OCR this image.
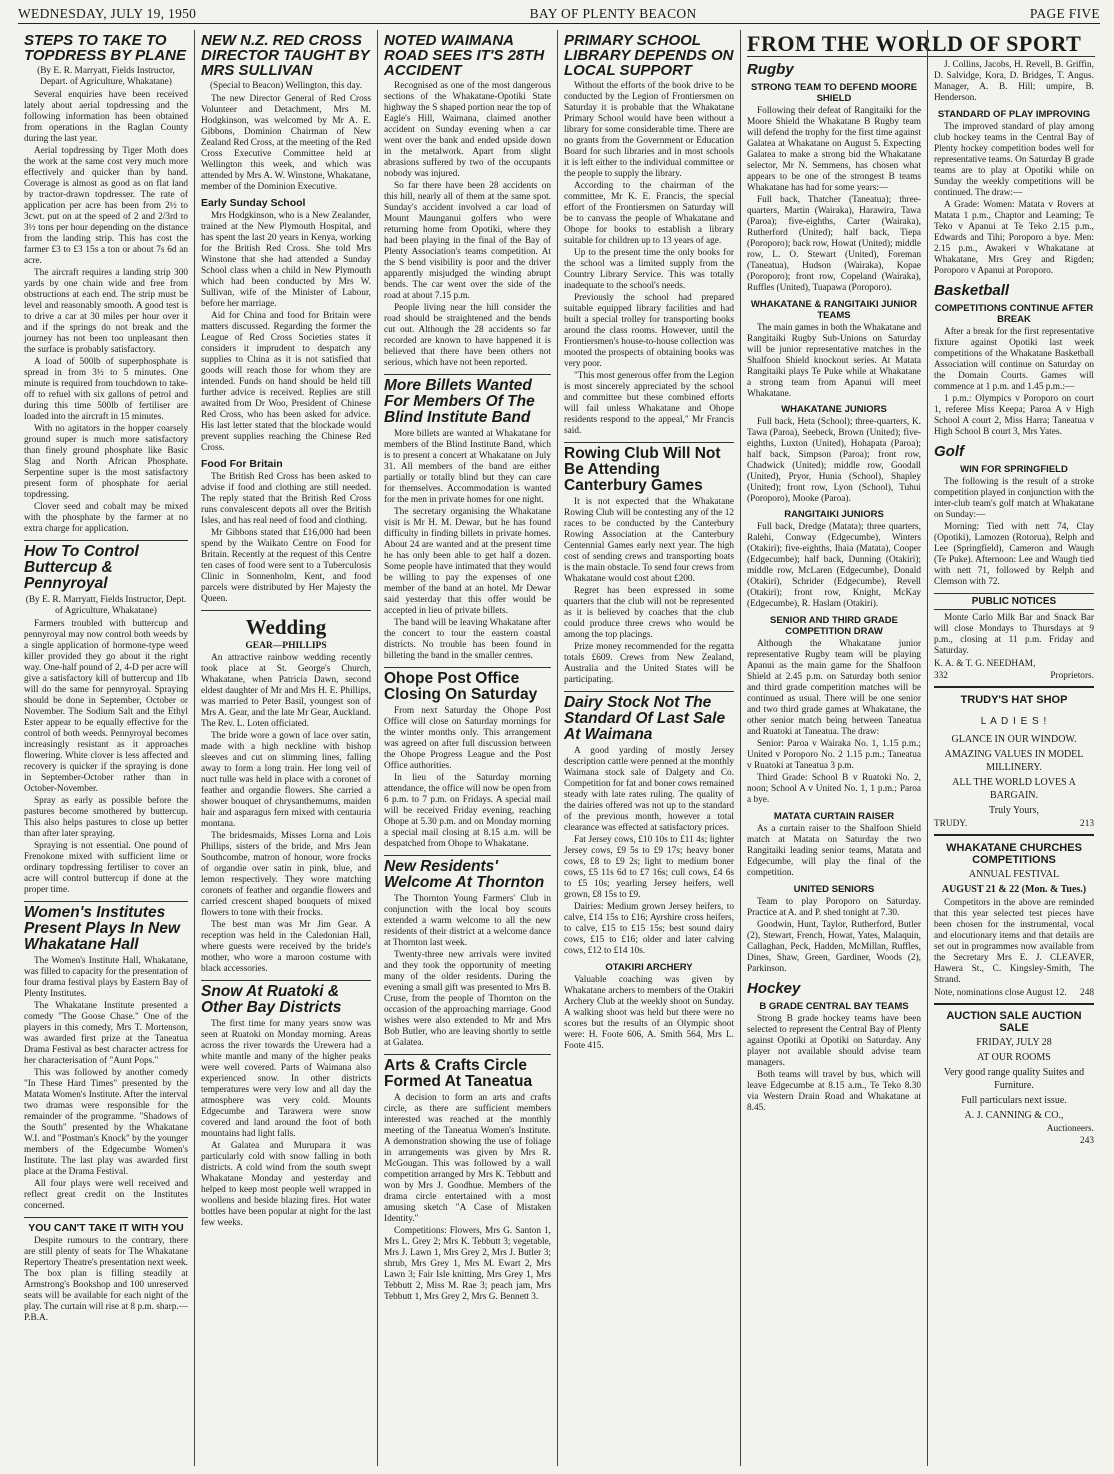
WEDNESDAY, JULY 19, 1950	BAY OF PLENTY BEACON	PAGE FIVE
STEPS TO TAKE TO TOPDRESS BY PLANE
(By E. R. Marryatt, Fields Instructor, Depart. of Agriculture, Whakatane)

Several enquiries have been received lately about aerial topdressing and the following information has been obtained from operations in the Raglan County during the last year.

Aerial topdressing by Tiger Moth does the work at the same cost very much more effectively and quicker than by hand. Coverage is almost as good as on flat land by tractor-drawn topdresser. The rate of application per acre has been from 2½ to 3cwt. put on at the speed of 2 and 2/3rd to 3½ tons per hour depending on the distance from the landing strip. This has cost the farmer £3 to £3 15s a ton or about 7s 6d an acre.

The aircraft requires a landing strip 300 yards by one chain wide and free from obstructions at each end. The strip must be level and reasonably smooth. A good test is to drive a car at 30 miles per hour over it and if the springs do not break and the journey has not been too unpleasant then the surface is probably satisfactory.

A load of 500lb of superphosphate is spread in from 3½ to 5 minutes. One minute is required from touchdown to take-off to refuel with six gallons of petrol and during this time 500lb of fertiliser are loaded into the aircraft in 15 minutes.

With no agitators in the hopper coarsely ground super is much more satisfactory than finely ground phosphate like Basic Slag and North African Phosphate. Serpentine super is the most satisfactory present form of phosphate for aerial topdressing.

Clover seed and cobalt may be mixed with the phosphate by the farmer at no extra charge for application.

How To Control Buttercup & Pennyroyal
(By E. R. Marryatt, Fields Instructor, Dept. of Agriculture, Whakatane)

Farmers troubled with buttercup and pennyroyal may now control both weeds by a single application of hormone-type weed killer provided they go about it the right way. One-half pound of 2, 4-D per acre will give a satisfactory kill of buttercup and 1lb will do the same for pennyroyal. Spraying should be done in September, October or November. The Sodium Salt and the Ethyl Ester appear to be equally effective for the control of both weeds. Pennyroyal becomes increasingly resistant as it approaches flowering. White clover is less affected and recovery is quicker if the spraying is done in September-October rather than in October-November.

Spray as early as possible before the pastures become smothered by buttercup. This also helps pastures to close up better than after later spraying.

Spraying is not essential. One pound of Frenokone mixed with sufficient lime or ordinary topdressing fertiliser to cover an acre will control buttercup if done at the proper time.

Women's Institutes Present Plays In New Whakatane Hall

The Women's Institute Hall, Whakatane, was filled to capacity for the presentation of four drama festival plays by Eastern Bay of Plenty Institutes.

The Whakatane Institute presented a comedy "The Goose Chase." One of the players in this comedy, Mrs T. Mortenson, was awarded first prize at the Taneatua Drama Festival as best character actress for her characterisation of "Aunt Pops."

This was followed by another comedy "In These Hard Times" presented by the Matata Women's Institute. After the interval two dramas were responsible for the remainder of the programme. "Shadows of the South" presented by the Whakatane W.I. and "Postman's Knock" by the younger members of the Edgecumbe Women's Institute. The last play was awarded first place at the Drama Festival.

All four plays were well received and reflect great credit on the Institutes concerned.

YOU CAN'T TAKE IT WITH YOU

Despite rumours to the contrary, there are still plenty of seats for The Whakatane Repertory Theatre's presentation next week. The box plan is filling steadily at Armstrong's Bookshop and 100 unreserved seats will be available for each night of the play. The curtain will rise at 8 p.m. sharp.—P.B.A.

NEW N.Z. RED CROSS DIRECTOR TAUGHT BY MRS SULLIVAN
(Special to Beacon) Wellington, this day.

The new Director General of Red Cross Volunteer and Detachment, Mrs M. Hodgkinson, was welcomed by Mr A. E. Gibbons, Dominion Chairman of New Zealand Red Cross, at the meeting of the Red Cross Executive Committee held at Wellington this week, and which was attended by Mrs A. W. Winstone, Whakatane, member of the Dominion Executive.

Early Sunday School

Mrs Hodgkinson, who is a New Zealander, trained at the New Plymouth Hospital, and has spent the last 20 years in Kenya, working for the British Red Cross. She told Mrs Winstone that she had attended a Sunday School class when a child in New Plymouth which had been conducted by Mrs W. Sullivan, wife of the Minister of Labour, before her marriage.

Aid for China and food for Britain were matters discussed. Regarding the former the League of Red Cross Societies states it considers it imprudent to despatch any supplies to China as it is not satisfied that goods will reach those for whom they are intended. Funds on hand should be held till further advice is received. Replies are still awaited from Dr Woo, President of Chinese Red Cross, who has been asked for advice. His last letter stated that the blockade would prevent supplies reaching the Chinese Red Cross.

Food For Britain

The British Red Cross has been asked to advise if food and clothing are still needed. The reply stated that the British Red Cross runs convalescent depots all over the British Isles, and has real need of food and clothing.

Mr Gibbons stated that £16,000 had been spend by the Waikato Centre on Food for Britain. Recently at the request of this Centre ten cases of food were sent to a Tuberculosis Clinic in Sonnenholm, Kent, and food parcels were distributed by Her Majesty the Queen.

Wedding
GEAR—PHILLIPS

An attractive rainbow wedding recently took place at St. George's Church, Whakatane, when Patricia Dawn, second eldest daughter of Mr and Mrs H. E. Phillips, was married to Peter Basil, youngest son of Mrs A. Gear, and the late Mr Gear, Auckland. The Rev. L. Loten officiated.

The bride wore a gown of lace over satin, made with a high neckline with bishop sleeves and cut on slimming lines, falling away to form a long train. Her long veil of nuct tulle was held in place with a coronet of feather and organdie flowers. She carried a shower bouquet of chrysanthemums, maiden hair and asparagus fern mixed with centauria montana.

The bridesmaids, Misses Lorna and Lois Phillips, sisters of the bride, and Mrs Jean Southcombe, matron of honour, wore frocks of organdie over satin in pink, blue, and lemon respectively. They wore matching coronets of feather and organdie flowers and carried crescent shaped bouquets of mixed flowers to tone with their frocks.

The best man was Mr Jim Gear. A reception was held in the Caledonian Hall, where guests were received by the bride's mother, who wore a maroon costume with black accessories.

Snow At Ruatoki & Other Bay Districts

The first time for many years snow was seen at Ruatoki on Monday morning. Areas across the river towards the Urewera had a white mantle and many of the higher peaks were well covered. Parts of Waimana also experienced snow. In other districts temperatures were very low and all day the atmosphere was very cold. Mounts Edgecumbe and Tarawera were snow covered and land around the foot of both mountains had light falls.

At Galatea and Murupara it was particularly cold with snow falling in both districts. A cold wind from the south swept Whakatane Monday and yesterday and helped to keep most people well wrapped in woollens and beside blazing fires. Hot water bottles have been popular at night for the last few weeks.

NOTED WAIMANA ROAD SEES IT'S 28TH ACCIDENT

Recognised as one of the most dangerous sections of the Whakatane-Opotiki State highway the S shaped portion near the top of Eagle's Hill, Waimana, claimed another accident on Sunday evening when a car went over the bank and ended upside down in the metalwork. Apart from slight abrasions suffered by two of the occupants nobody was injured.

So far there have been 28 accidents on this hill, nearly all of them at the same spot. Sunday's accident involved a car load of Mount Maunganui golfers who were returning home from Opotiki, where they had been playing in the final of the Bay of Plenty Association's teams competition. At the S bend visibility is poor and the driver apparently misjudged the winding abrupt bends. The car went over the side of the road at about 7.15 p.m.

People living near the hill consider the road should be straightened and the bends cut out. Although the 28 accidents so far recorded are known to have happened it is believed that there have been others not serious, which have not been reported.

More Billets Wanted For Members Of The Blind Institute Band

More billets are wanted at Whakatane for members of the Blind Institute Band, which is to present a concert at Whakatane on July 31. All members of the band are either partially or totally blind but they can care for themselves. Accommodation is wanted for the men in private homes for one night.

The secretary organising the Whakatane visit is Mr H. M. Dewar, but he has found difficulty in finding billets in private homes. About 24 are wanted and at the present time he has only been able to get half a dozen. Some people have intimated that they would be willing to pay the expenses of one member of the band at an hotel. Mr Dewar said yesterday that this offer would be accepted in lieu of private billets.

The band will be leaving Whakatane after the concert to tour the eastern coastal districts. No trouble has been found in billeting the band in the smaller centres.

Ohope Post Office Closing On Saturday

From next Saturday the Ohope Post Office will close on Saturday mornings for the winter months only. This arrangement was agreed on after full discussion between the Ohope Progress League and the Post Office authorities.

In lieu of the Saturday morning attendance, the office will now be open from 6 p.m. to 7 p.m. on Fridays. A special mail will be received Friday evening, reaching Ohope at 5.30 p.m. and on Monday morning a special mail closing at 8.15 a.m. will be despatched from Ohope to Whakatane.

New Residents' Welcome At Thornton

The Thornton Young Farmers' Club in conjunction with the local boy scouts extended a warm welcome to all the new residents of their district at a welcome dance at Thornton last week.

Twenty-three new arrivals were invited and they took the opportunity of meeting many of the older residents. During the evening a small gift was presented to Mrs B. Cruse, from the people of Thornton on the occasion of the approaching marriage. Good wishes were also extended to Mr and Mrs Bob Butler, who are leaving shortly to settle at Galatea.

Arts & Crafts Circle Formed At Taneatua

A decision to form an arts and crafts circle, as there are sufficient members interested was reached at the monthly meeting of the Taneatua Women's Institute. A demonstration showing the use of foliage in arrangements was given by Mrs R. McGougan. This was followed by a wall competition arranged by Mrs K. Tebbutt and won by Mrs J. Goodhue. Members of the drama circle entertained with a most amusing sketch "A Case of Mistaken Identity."

Competitions: Flowers, Mrs G. Santon 1, Mrs L. Grey 2; Mrs K. Tebbutt 3; vegetable, Mrs J. Lawn 1, Mrs Grey 2, Mrs J. Butler 3; shrub, Mrs Grey 1, Mrs M. Ewart 2, Mrs Lawn 3; Fair Isle knitting, Mrs Grey 1, Mrs Tebbutt 2, Miss M. Rae 3; peach jam, Mrs Tebbutt 1, Mrs Grey 2, Mrs G. Bennett 3.

PRIMARY SCHOOL LIBRARY DEPENDS ON LOCAL SUPPORT

Without the efforts of the book drive to be conducted by the Legion of Frontiersmen on Saturday it is probable that the Whakatane Primary School would have been without a library for some considerable time. There are no grants from the Government or Education Board for such libraries and in most schools it is left either to the individual committee or the people to supply the library.

According to the chairman of the committee, Mr K. E. Francis, the special effort of the Frontiersmen on Saturday will be to canvass the people of Whakatane and Ohope for books to establish a library suitable for children up to 13 years of age.

Up to the present time the only books for the school was a limited supply from the Country Library Service. This was totally inadequate to the school's needs.

Previously the school had prepared suitable equipped library facilities and had built a special trolley for transporting books around the class rooms. However, until the Frontiersmen's house-to-house collection was mooted the prospects of obtaining books was very poor.

"This most generous offer from the Legion is most sincerely appreciated by the school and committee but these combined efforts will fail unless Whakatane and Ohope residents respond to the appeal," Mr Francis said.

Rowing Club Will Not Be Attending Canterbury Games

It is not expected that the Whakatane Rowing Club will be contesting any of the 12 races to be conducted by the Canterbury Rowing Association at the Canterbury Centennial Games early next year. The high cost of sending crews and transporting boats is the main obstacle. To send four crews from Whakatane would cost about £200.

Regret has been expressed in some quarters that the club will not be represented as it is believed by coaches that the club could produce three crews who would be among the top placings.

Prize money recommended for the regatta totals £609. Crews from New Zealand, Australia and the United States will be participating.

Dairy Stock Not The Standard Of Last Sale At Waimana

A good yarding of mostly Jersey description cattle were penned at the monthly Waimana stock sale of Dalgety and Co. Competition for fat and boner cows remained steady with late rates ruling. The quality of the dairies offered was not up to the standard of the previous month, however a total clearance was effected at satisfactory prices.

Fat Jersey cows, £10 10s to £11 4s; lighter Jersey cows, £9 5s to £9 17s; heavy boner cows, £8 to £9 2s; light to medium boner cows, £5 11s 6d to £7 16s; cull cows, £4 6s to £5 10s; yearling Jersey heifers, well grown, £8 15s to £9.

Dairies: Medium grown Jersey heifers, to calve, £14 15s to £16; Ayrshire cross heifers, to calve, £15 to £15 15s; best sound dairy cows, £15 to £16; older and later calving cows, £12 to £14 10s.

OTAKIRI ARCHERY

Valuable coaching was given by Whakatane archers to members of the Otakiri Archery Club at the weekly shoot on Sunday. A walking shoot was held but there were no scores but the results of an Olympic shoot were: H. Foote 606, A. Smith 564, Mrs L. Foote 415.

FROM THE WORLD OF SPORT
Rugby
STRONG TEAM TO DEFEND MOORE SHIELD

Following their defeat of Rangitaiki for the Moore Shield the Whakatane B Rugby team will defend the trophy for the first time against Galatea at Whakatane on August 5. Expecting Galatea to make a strong bid the Whakatane selector, Mr N. Semmens, has chosen what appears to be one of the strongest B teams Whakatane has had for some years:—

Full back, Thatcher (Taneatua); three-quarters, Martin (Wairaka), Harawira, Tawa (Paroa); five-eighths, Carter (Wairaka), Rutherford (United); half back, Tiepa (Poroporo); back row, Howat (United); middle row, L. O. Stewart (United), Foreman (Taneatua), Hudson (Wairaka), Kopae (Poroporo); front row, Copeland (Wairaka), Ruffles (United), Tuapawa (Poroporo).

WHAKATANE & RANGITAIKI JUNIOR TEAMS

The main games in both the Whakatane and Rangitaiki Rugby Sub-Unions on Saturday will be junior representative matches in the Shalfoon Shield knockout series. At Matata Rangitaiki plays Te Puke while at Whakatane a strong team from Apanui will meet Whakatane.

WHAKATANE JUNIORS

Full back, Heta (School); three-quarters, K. Tawa (Paroa), Seebeck, Brown (United); five-eighths, Luxton (United), Hohapata (Paroa); half back, Simpson (Paroa); front row, Chadwick (United); middle row, Goodall (United), Pryor, Hunia (School), Shapley (United); front row, Lyon (School), Tuhui (Poroporo), Mooke (Paroa).

RANGITAIKI JUNIORS

Full back, Dredge (Matata); three quarters, Ralehi, Conway (Edgecumbe), Winters (Otakiri); five-eighths, Ihaia (Matata), Cooper (Edgecumbe); half back, Dunning (Otakiri); middle row, McLaren (Edgecumbe), Donald (Otakiri), Schrider (Edgecumbe), Revell (Otakiri); front row, Knight, McKay (Edgecumbe), R. Haslam (Otakiri).

SENIOR AND THIRD GRADE COMPETITION DRAW

Although the Whakatane junior representative Rugby team will be playing Apanui as the main game for the Shalfoon Shield at 2.45 p.m. on Saturday both senior and third grade competition matches will be continued as usual. There will be one senior and two third grade games at Whakatane, the other senior match being between Taneatua and Ruatoki at Taneatua. The draw:

Senior: Paroa v Wairaka No. 1, 1.15 p.m.; United v Poroporo No. 2 1.15 p.m.; Taneatua v Ruatoki at Taneatua 3 p.m.

Third Grade: School B v Ruatoki No. 2, noon; School A v United No. 1, 1 p.m.; Paroa a bye.

MATATA CURTAIN RAISER

As a curtain raiser to the Shalfoon Shield match at Matata on Saturday the two Rangitaiki leading senior teams, Matata and Edgecumbe, will play the final of the competition.

UNITED SENIORS

Team to play Poroporo on Saturday. Practice at A. and P. shed tonight at 7.30.

Goodwin, Hunt, Taylor, Rutherford, Butler (2), Stewart, French, Howat, Yates, Malaquin, Callaghan, Peck, Hadden, McMillan, Ruffles, Dines, Shaw, Green, Gardiner, Woods (2), Parkinson.

Hockey
B GRADE CENTRAL BAY TEAMS

Strong B grade hockey teams have been selected to represent the Central Bay of Plenty against Opotiki at Opotiki on Saturday. Any player not available should advise team managers.

Both teams will travel by bus, which will leave Edgecumbe at 8.15 a.m., Te Teko 8.30 via Western Drain Road and Whakatane at 8.45.

J. Collins, Jacobs, H. Revell, B. Griffin, D. Salvidge, Kora, D. Bridges, T. Angus. Manager, A. B. Hill; umpire, B. Henderson.

STANDARD OF PLAY IMPROVING

The improved standard of play among club hockey teams in the Central Bay of Plenty hockey competition bodes well for representative teams. On Saturday B grade teams are to play at Opotiki while on Sunday the weekly competitions will be continued. The draw:—

A Grade: Women: Matata v Rovers at Matata 1 p.m., Chaptor and Leaming; Te Teko v Apanui at Te Teko 2.15 p.m., Edwards and Tihi; Poroporo a bye. Men: 2.15 p.m., Awakeri v Whakatane at Whakatane, Mrs Grey and Rigden; Poroporo v Apanui at Poroporo.

Basketball
COMPETITIONS CONTINUE AFTER BREAK

After a break for the first representative fixture against Opotiki last week competitions of the Whakatane Basketball Association will continue on Saturday on the Domain Courts. Games will commence at 1 p.m. and 1.45 p.m.:—

1 p.m.: Olympics v Poroporo on court 1, referee Miss Keepa; Paroa A v High School A court 2, Miss Harra; Taneatua v High School B court 3, Mrs Yates.

Golf
WIN FOR SPRINGFIELD

The following is the result of a stroke competition played in conjunction with the inter-club team's golf match at Whakatane on Sunday:—

Morning: Tied with nett 74, Clay (Opotiki), Lamozen (Rotorua), Relph and Lee (Springfield), Cameron and Waugh (Te Puke). Afternoon: Lee and Waugh tied with nett 71, followed by Relph and Clemson with 72.

PUBLIC NOTICES

Monte Carlo Milk Bar and Snack Bar will close Mondays to Thursdays at 9 p.m., closing at 11 p.m. Friday and Saturday.

K. A. & T. G. NEEDHAM,
332	Proprietors.
TRUDY'S HAT SHOP
L A D I E S !
GLANCE IN OUR WINDOW.
AMAZING VALUES IN MODEL MILLINERY.
ALL THE WORLD LOVES A BARGAIN.
Truly Yours,
TRUDY.	213
WHAKATANE CHURCHES COMPETITIONS
ANNUAL FESTIVAL
AUGUST 21 & 22 (Mon. & Tues.)

Competitors in the above are reminded that this year selected test pieces have been chosen for the instrumental, vocal and elocutionary items and that details are set out in programmes now available from the Secretary Mrs E. J. CLEAVER, Hawera St., C. Kingsley-Smith, The Strand.

Note, nominations close August 12. 248
AUCTION SALE AUCTION SALE
FRIDAY, JULY 28
AT OUR ROOMS
Very good range quality Suites and Furniture.
Full particulars next issue.
A. J. CANNING & CO.,
Auctioneers.
243
